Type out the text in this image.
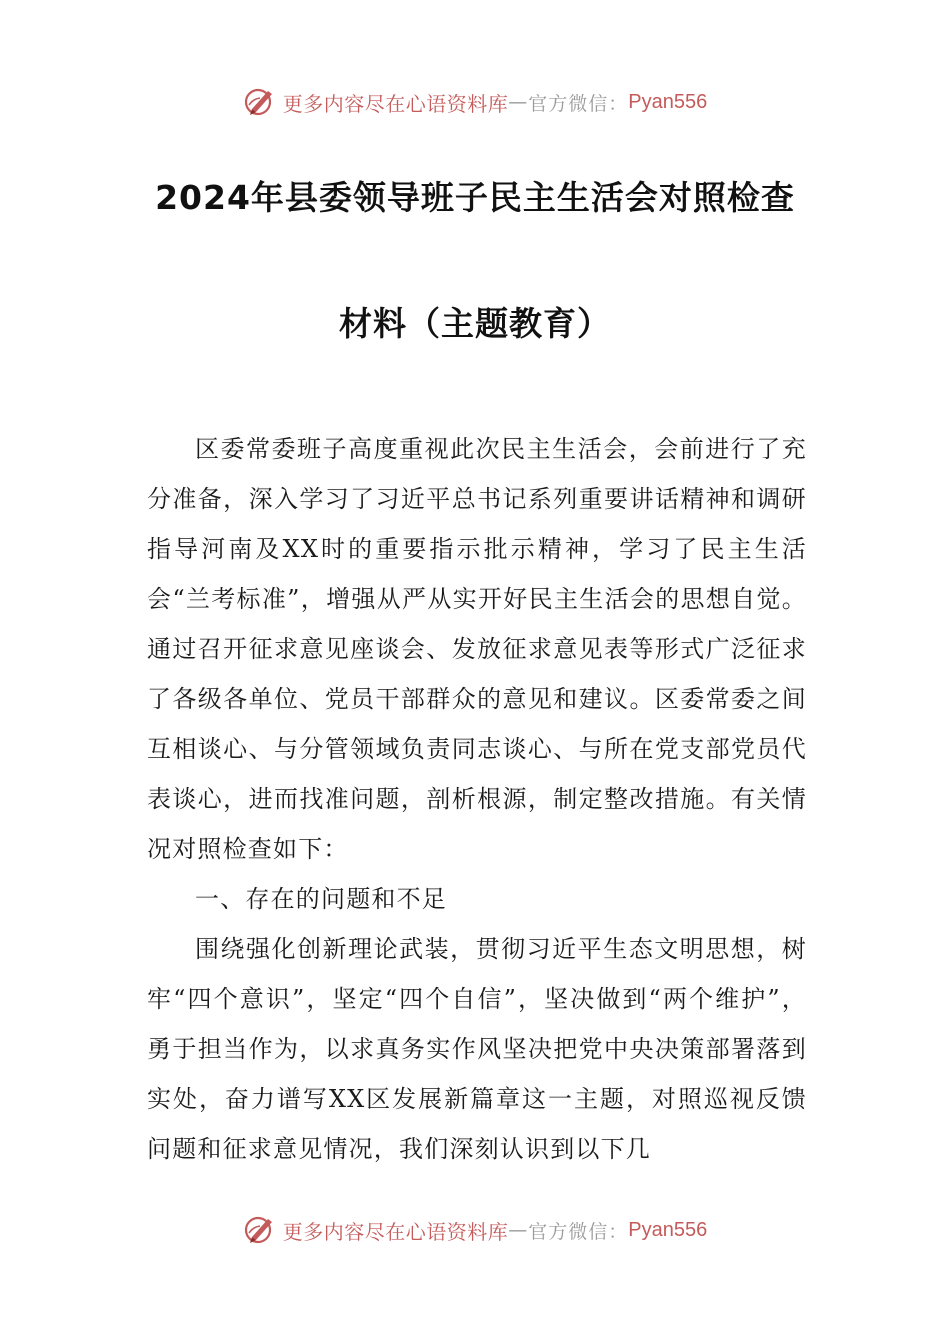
更多内容尽在心语资料库 — 官方微信： Pyan556
2024年县委领导班子民主生活会对照检查
材料（主题教育）

区委常委班子高度重视此次民主生活会，会前进行了充分准备，深入学习了习近平总书记系列重要讲话精神和调研指导河南及XX时的重要指示批示精神，学习了民主生活会“兰考标准”，增强从严从实开好民主生活会的思想自觉。通过召开征求意见座谈会、发放征求意见表等形式广泛征求了各级各单位、党员干部群众的意见和建议。区委常委之间互相谈心、与分管领域负责同志谈心、与所在党支部党员代表谈心，进而找准问题，剖析根源，制定整改措施。有关情况对照检查如下：

一、存在的问题和不足

围绕强化创新理论武装，贯彻习近平生态文明思想，树牢“四个意识”，坚定“四个自信”，坚决做到“两个维护”，勇于担当作为，以求真务实作风坚决把党中央决策部署落到实处，奋力谱写XX区发展新篇章这一主题，对照巡视反馈问题和征求意见情况，我们深刻认识到以下几

更多内容尽在心语资料库 — 官方微信： Pyan556
